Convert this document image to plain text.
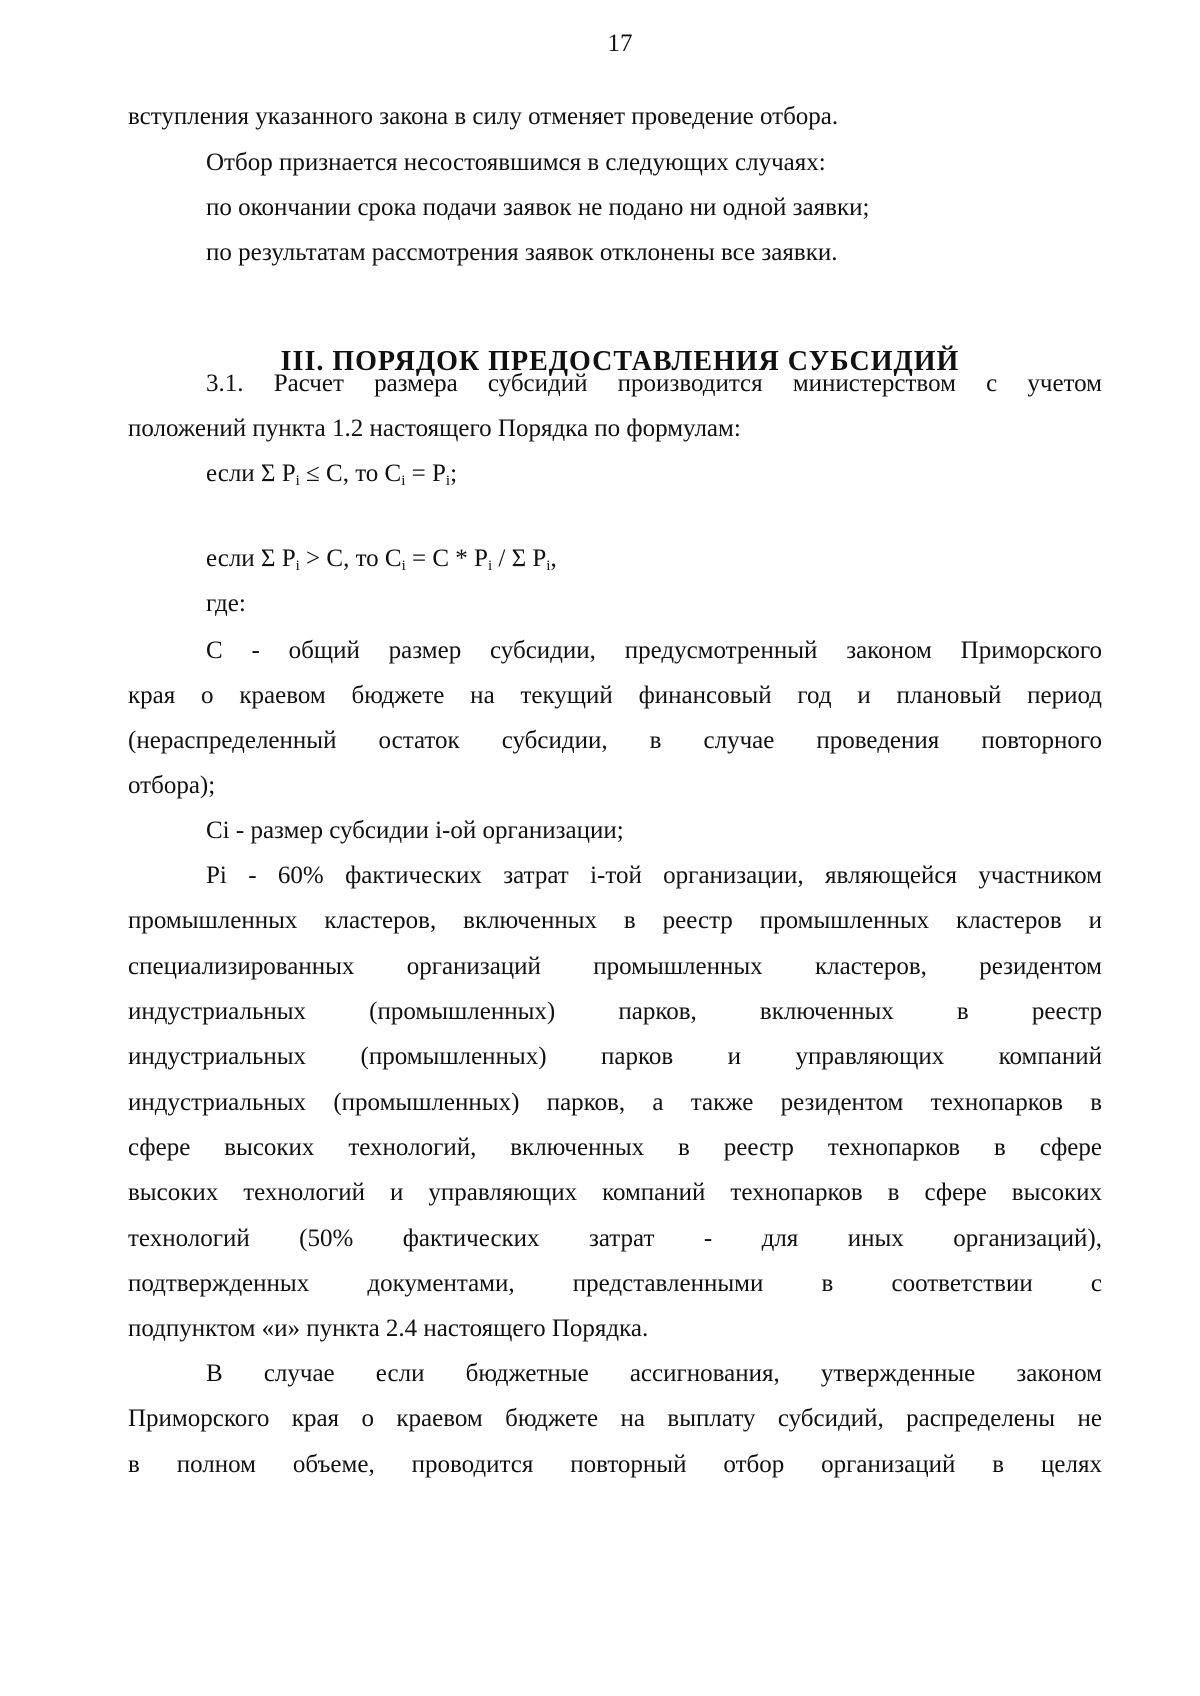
17
вступления указанного закона в силу отменяет проведение отбора.
Отбор признается несостоявшимся в следующих случаях:
по окончании срока подачи заявок не подано ни одной заявки;
по результатам рассмотрения заявок отклонены все заявки.
III. ПОРЯДОК ПРЕДОСТАВЛЕНИЯ СУБСИДИЙ
3.1. Расчет размера субсидий производится министерством с учетом
положений пункта 1.2 настоящего Порядка по формулам:
если Σ $P_i \le С$, то $C_i = P_i$;
если Σ $P_i > С$, то $C_i = С * P_i / \Sigma$ $P_i$,
где:
С - общий размер субсидии, предусмотренный законом Приморского
края о краевом бюджете на текущий финансовый год и плановый период
(нераспределенный остаток субсидии, в случае проведения повторного
отбора);
Ci - размер субсидии i-ой организации;
Pi - 60% фактических затрат i-той организации, являющейся участником
промышленных кластеров, включенных в реестр промышленных кластеров и
специализированных организаций промышленных кластеров, резидентом
индустриальных (промышленных) парков, включенных в реестр
индустриальных (промышленных) парков и управляющих компаний
индустриальных (промышленных) парков, а также резидентом технопарков в
сфере высоких технологий, включенных в реестр технопарков в сфере
высоких технологий и управляющих компаний технопарков в сфере высоких
технологий (50% фактических затрат - для иных организаций),
подтвержденных документами, представленными в соответствии с
подпунктом «и» пункта 2.4 настоящего Порядка.
В случае если бюджетные ассигнования, утвержденные законом
Приморского края о краевом бюджете на выплату субсидий, распределены не
в полном объеме, проводится повторный отбор организаций в целях
